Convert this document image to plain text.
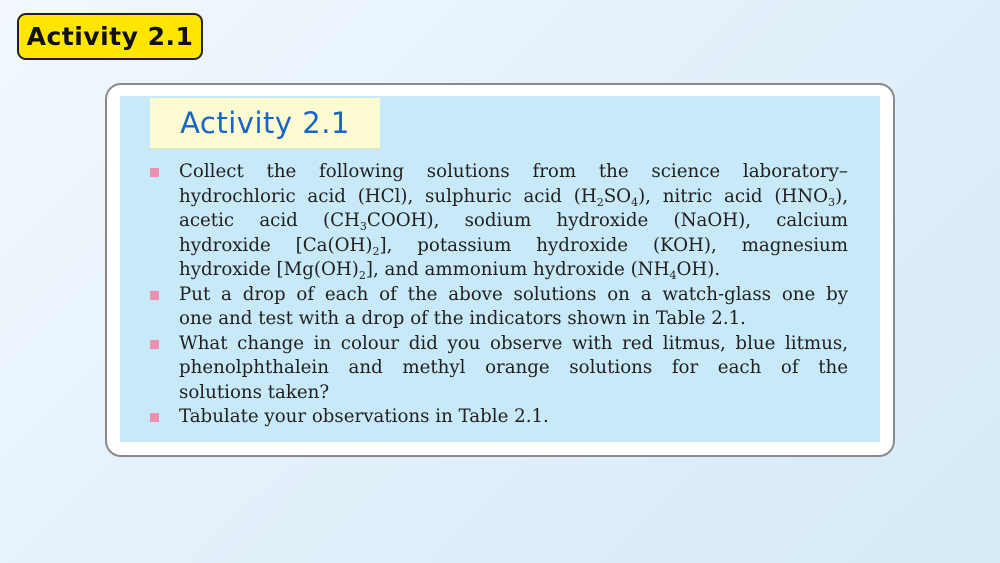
Activity 2.1
Activity 2.1
Collect the following solutions from the science laboratory–
hydrochloric acid (HCl), sulphuric acid $(H_2SO_4)$, nitric acid $(HNO_3)$,
acetic acid $(CH_3COOH)$, sodium hydroxide (NaOH), calcium
hydroxide $[Ca(OH)_2]$, potassium hydroxide (KOH), magnesium
hydroxide $[Mg(OH)_2]$, and ammonium hydroxide $(NH_4OH)$.
Put a drop of each of the above solutions on a watch-glass one by
one and test with a drop of the indicators shown in Table 2.1.
What change in colour did you observe with red litmus, blue litmus,
phenolphthalein and methyl orange solutions for each of the
solutions taken?
Tabulate your observations in Table 2.1.
